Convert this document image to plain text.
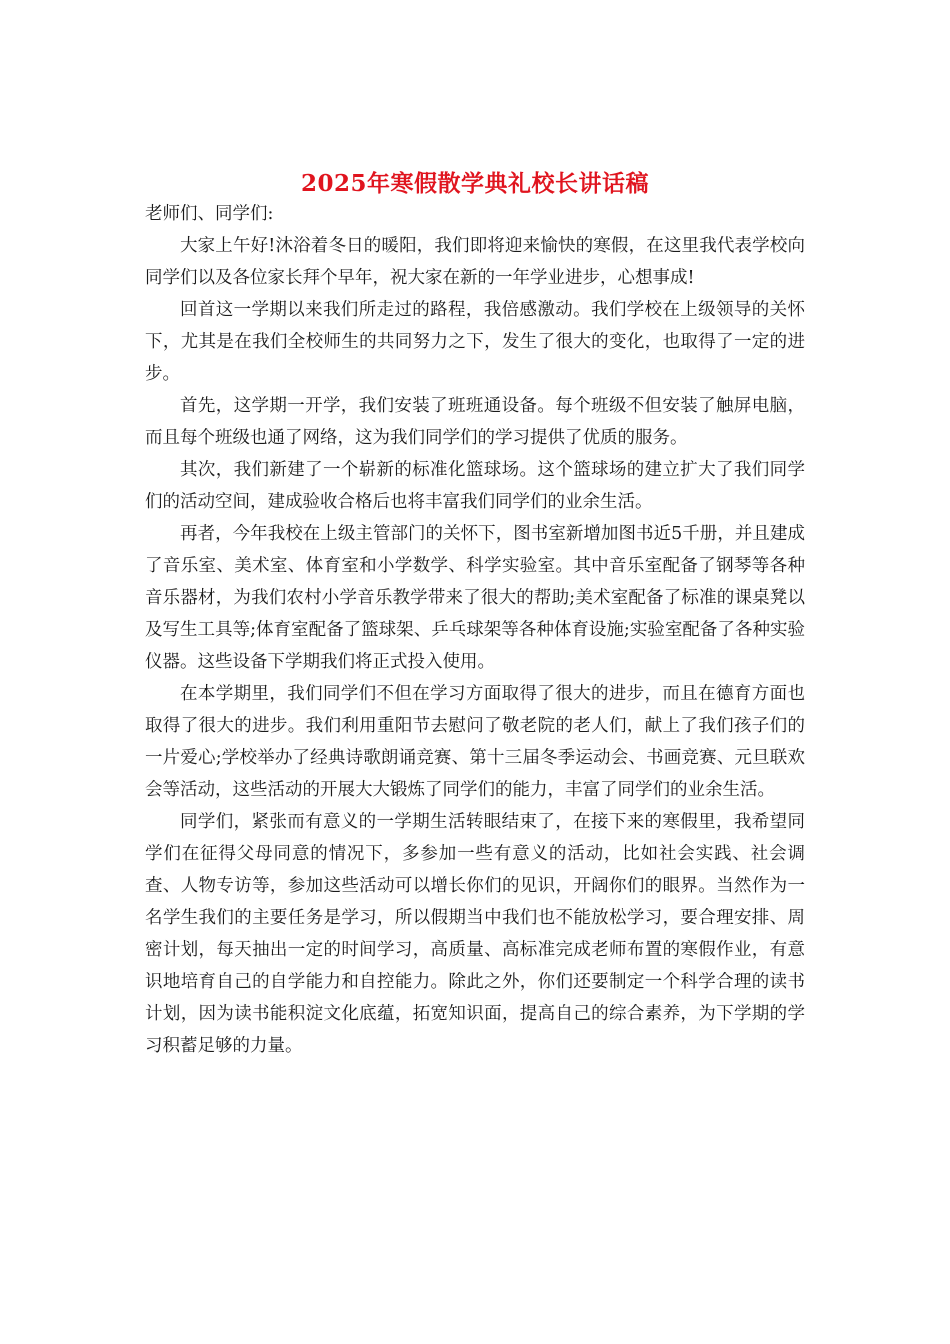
2025年寒假散学典礼校长讲话稿

老师们、同学们:

大家上午好!沐浴着冬日的暖阳，我们即将迎来愉快的寒假，在这里我代表学校向同学们以及各位家长拜个早年，祝大家在新的一年学业进步，心想事成!

回首这一学期以来我们所走过的路程，我倍感激动。我们学校在上级领导的关怀下，尤其是在我们全校师生的共同努力之下，发生了很大的变化，也取得了一定的进步。

首先，这学期一开学，我们安装了班班通设备。每个班级不但安装了触屏电脑，而且每个班级也通了网络，这为我们同学们的学习提供了优质的服务。

其次，我们新建了一个崭新的标准化篮球场。这个篮球场的建立扩大了我们同学们的活动空间，建成验收合格后也将丰富我们同学们的业余生活。

再者，今年我校在上级主管部门的关怀下，图书室新增加图书近5千册，并且建成了音乐室、美术室、体育室和小学数学、科学实验室。其中音乐室配备了钢琴等各种音乐器材，为我们农村小学音乐教学带来了很大的帮助;美术室配备了标准的课桌凳以及写生工具等;体育室配备了篮球架、乒乓球架等各种体育设施;实验室配备了各种实验仪器。这些设备下学期我们将正式投入使用。

在本学期里，我们同学们不但在学习方面取得了很大的进步，而且在德育方面也取得了很大的进步。我们利用重阳节去慰问了敬老院的老人们，献上了我们孩子们的一片爱心;学校举办了经典诗歌朗诵竞赛、第十三届冬季运动会、书画竞赛、元旦联欢会等活动，这些活动的开展大大锻炼了同学们的能力，丰富了同学们的业余生活。

同学们，紧张而有意义的一学期生活转眼结束了，在接下来的寒假里，我希望同学们在征得父母同意的情况下，多参加一些有意义的活动，比如社会实践、社会调查、人物专访等，参加这些活动可以增长你们的见识，开阔你们的眼界。当然作为一名学生我们的主要任务是学习，所以假期当中我们也不能放松学习，要合理安排、周密计划，每天抽出一定的时间学习，高质量、高标准完成老师布置的寒假作业，有意识地培育自己的自学能力和自控能力。除此之外，你们还要制定一个科学合理的读书计划，因为读书能积淀文化底蕴，拓宽知识面，提高自己的综合素养，为下学期的学习积蓄足够的力量。
